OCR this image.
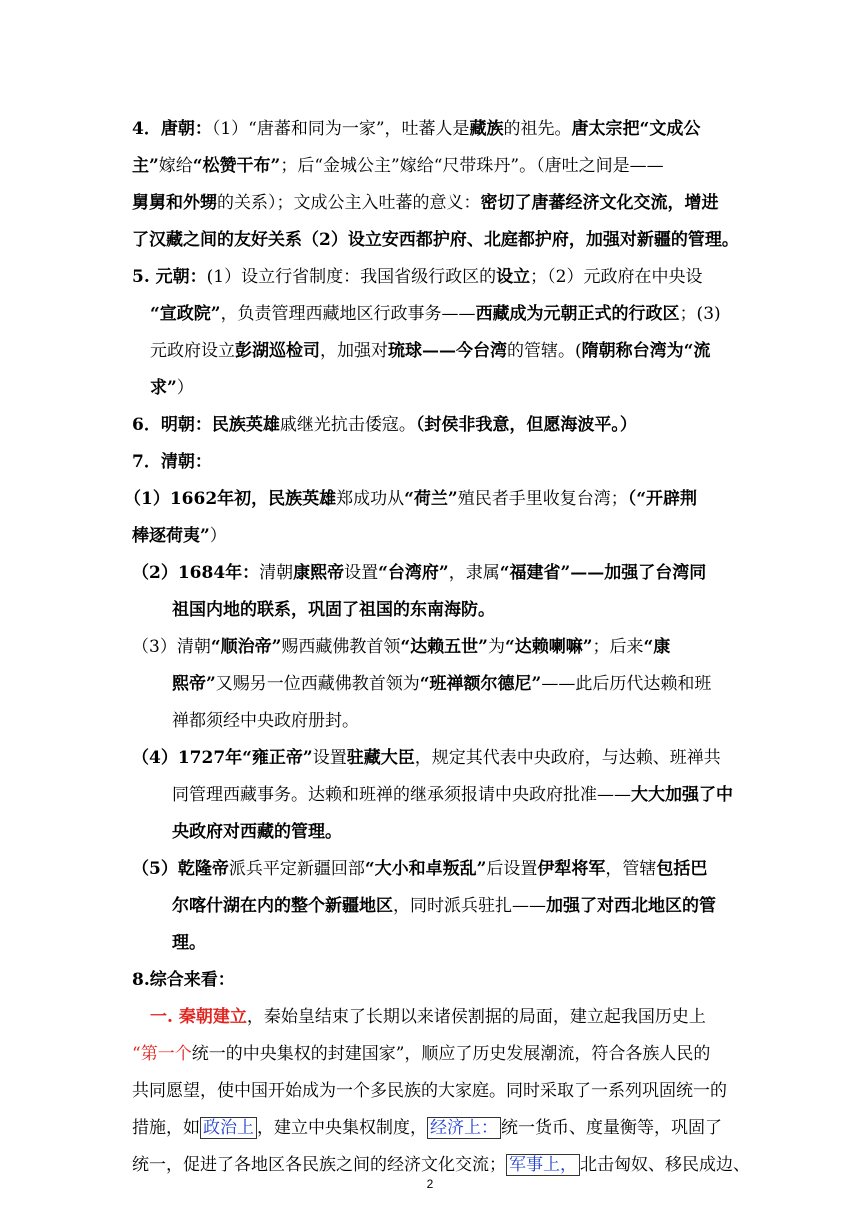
4．唐朝：（1）“唐蕃和同为一家”，吐蕃人是藏族的祖先。唐太宗把“文成公
主”嫁给“松赞干布”；后“金城公主”嫁给“尺带珠丹”。（唐吐之间是——
舅舅和外甥的关系）；文成公主入吐蕃的意义：密切了唐蕃经济文化交流，增进
了汉藏之间的友好关系（2）设立安西都护府、北庭都护府，加强对新疆的管理。
5. 元朝：(1）设立行省制度：我国省级行政区的设立；（2）元政府在中央设
“宣政院”，负责管理西藏地区行政事务——西藏成为元朝正式的行政区；(3)
元政府设立彭湖巡检司，加强对琉球——今台湾的管辖。(隋朝称台湾为“流
求”）
6．明朝：民族英雄戚继光抗击倭寇。（封侯非我意，但愿海波平。）
7．清朝：
（1）1662年初，民族英雄郑成功从“荷兰”殖民者手里收复台湾；（“开辟荆
棒逐荷夷”）
（2）1684年：清朝康熙帝设置“台湾府”，隶属“福建省”——加强了台湾同
祖国内地的联系，巩固了祖国的东南海防。
（3）清朝“顺治帝”赐西藏佛教首领“达赖五世”为“达赖喇嘛”；后来“康
熙帝”又赐另一位西藏佛教首领为“班禅额尔德尼”——此后历代达赖和班
禅都须经中央政府册封。
（4）1727年“雍正帝”设置驻藏大臣，规定其代表中央政府，与达赖、班禅共
同管理西藏事务。达赖和班禅的继承须报请中央政府批准——大大加强了中
央政府对西藏的管理。
（5）乾隆帝派兵平定新疆回部“大小和卓叛乱”后设置伊犁将军，管辖包括巴
尔喀什湖在内的整个新疆地区，同时派兵驻扎——加强了对西北地区的管
理。
8.综合来看：
一. 秦朝建立，秦始皇结束了长期以来诸侯割据的局面，建立起我国历史上
“第一个统一的中央集权的封建国家”，顺应了历史发展潮流，符合各族人民的
共同愿望，使中国开始成为一个多民族的大家庭。同时采取了一系列巩固统一的
措施，如 政治上 ，建立中央集权制度， 经济上： 统一货币、度量衡等，巩固了
统一，促进了各地区各民族之间的经济文化交流； 军事上， 北击匈奴、移民成边、
2
